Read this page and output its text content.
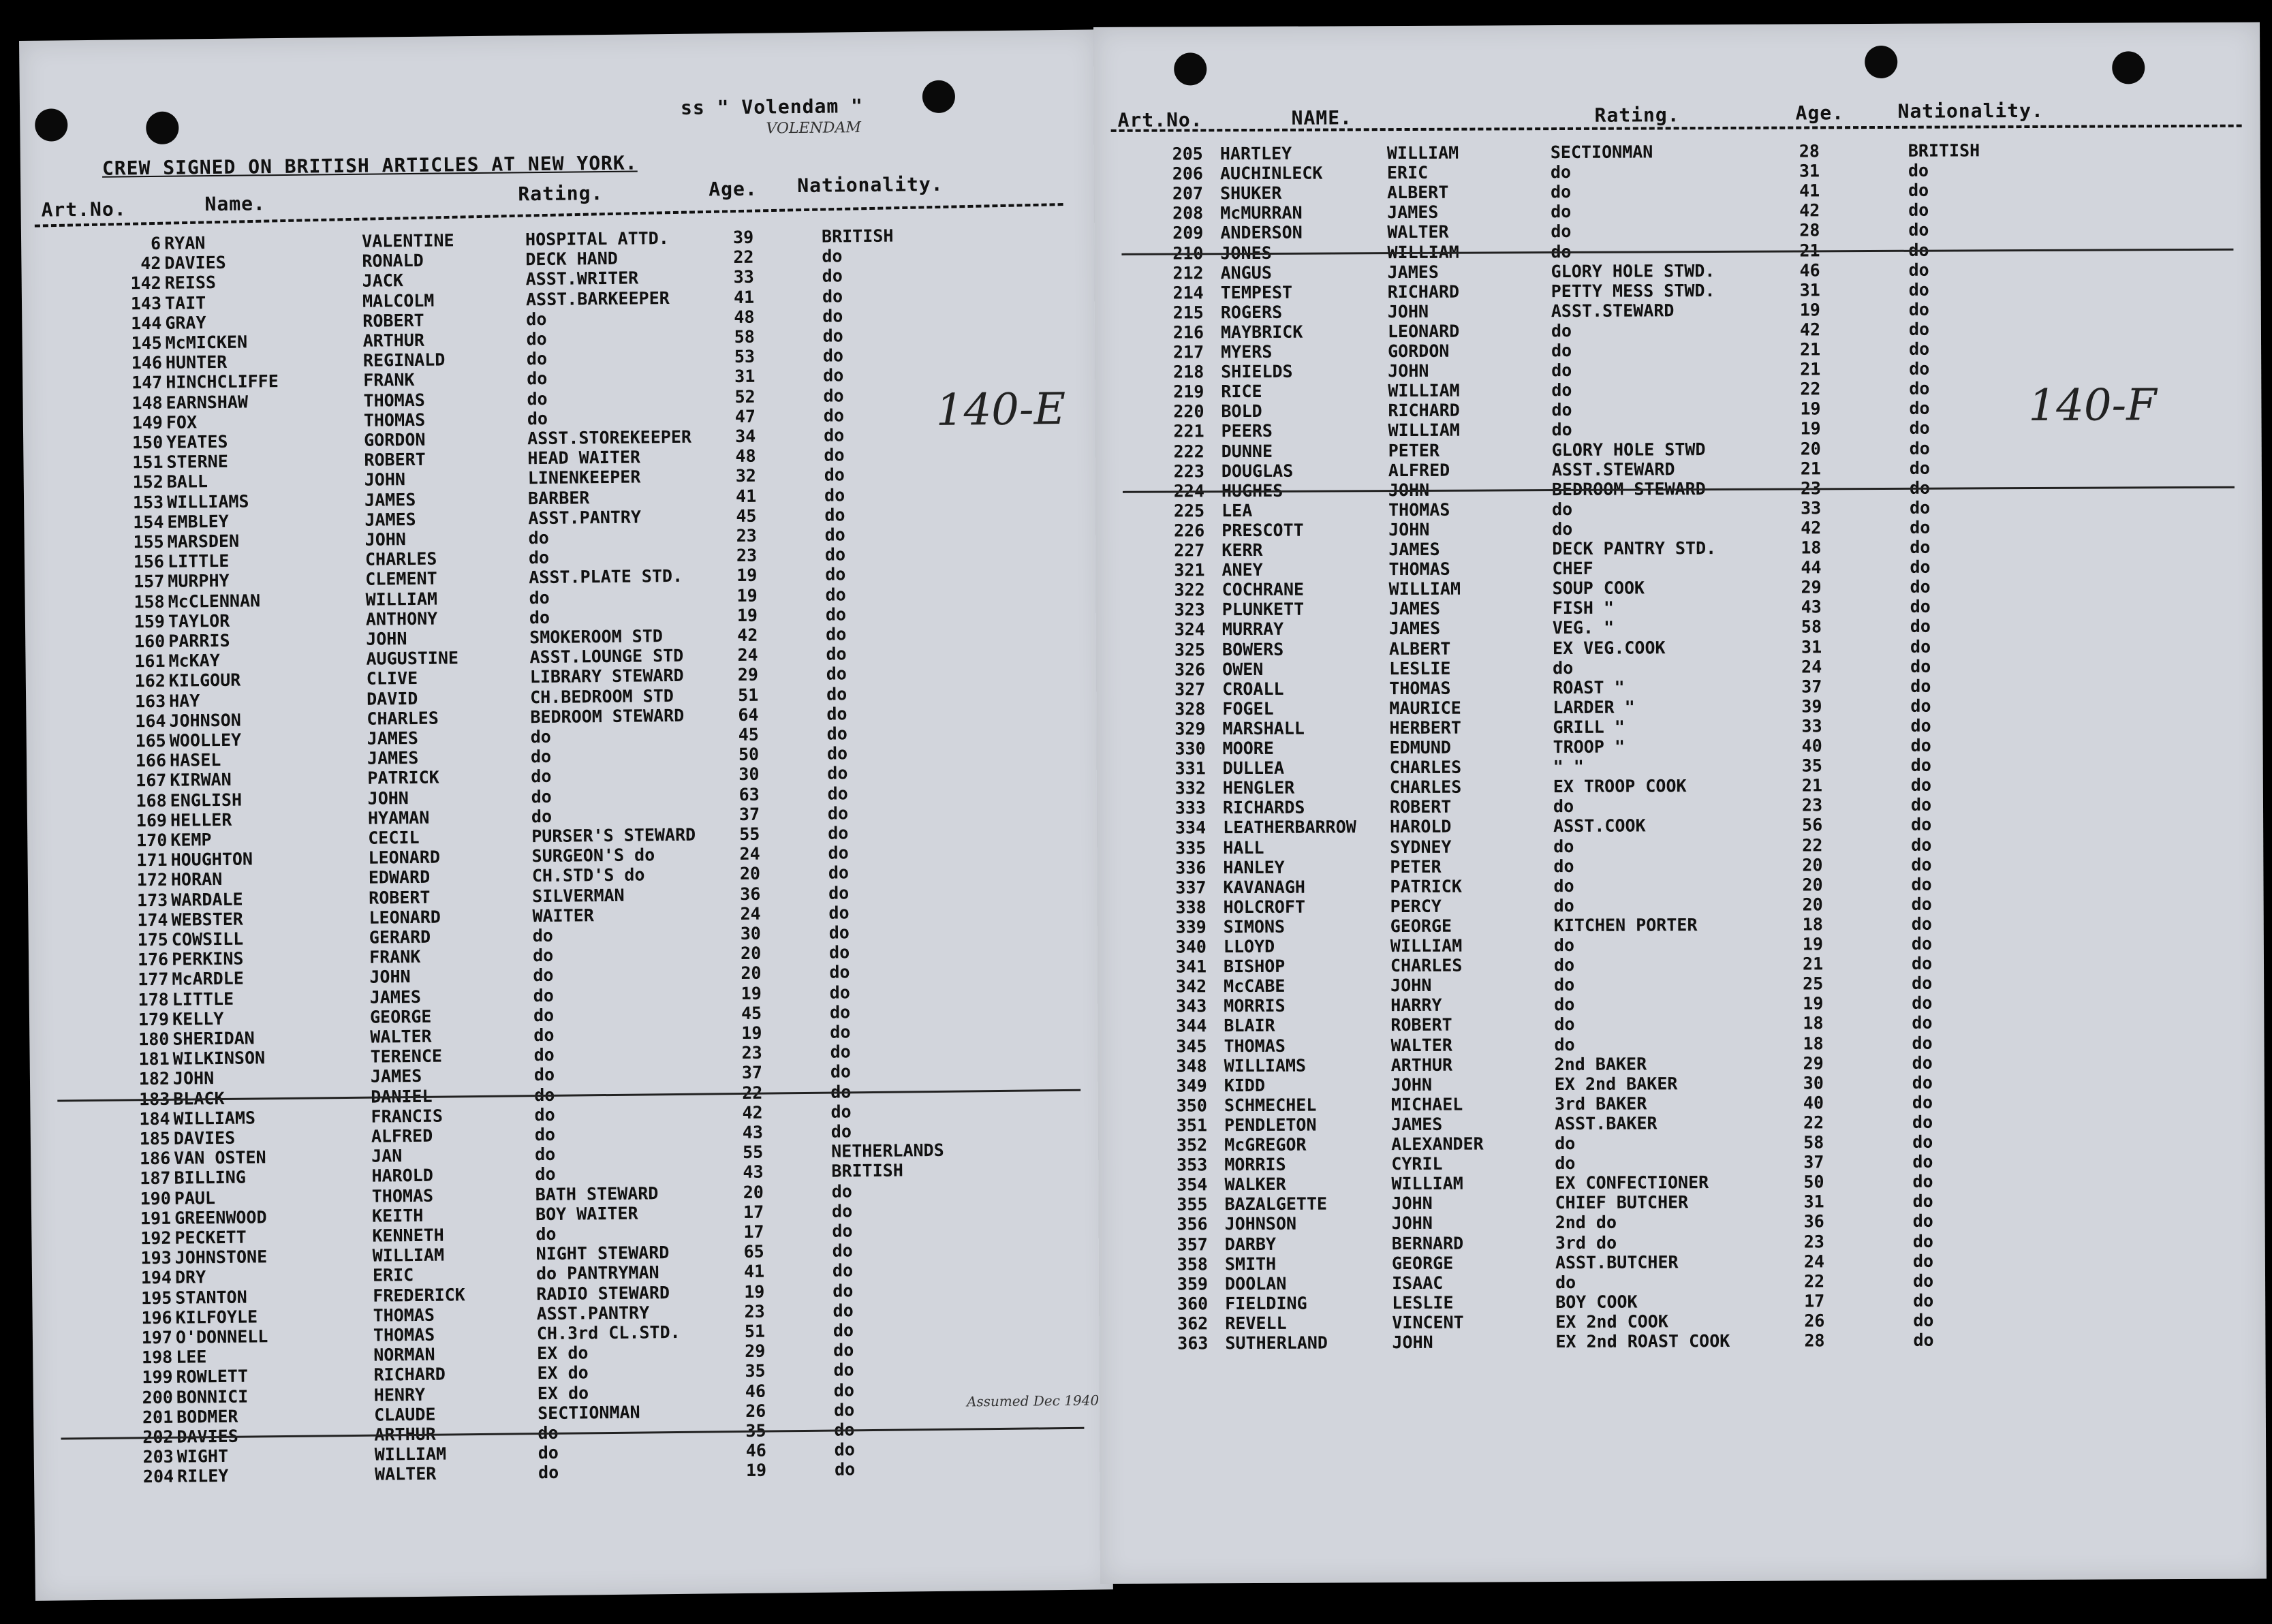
ss " Volendam "
VOLENDAM
CREW SIGNED ON BRITISH ARTICLES AT NEW YORK.
Art.No.	Name.	Rating.	Age. Nationality.
140-E
Assumed Dec 1940
6 RYAN	VALENTINE	HOSPITAL ATTD.	39	BRITISH
42 DAVIES	RONALD	DECK HAND	22	do
142 REISS	JACK	ASST.WRITER	33	do
143 TAIT	MALCOLM	ASST.BARKEEPER	41	do
144 GRAY	ROBERT	do	48	do
145 McMICKEN	ARTHUR	do	58	do
146 HUNTER	REGINALD	do	53	do
147 HINCHCLIFFE	FRANK	do	31	do
148 EARNSHAW	THOMAS	do	52	do
149 FOX	THOMAS	do	47	do
150 YEATES	GORDON	ASST.STOREKEEPER	34	do
151 STERNE	ROBERT	HEAD WAITER	48	do
152 BALL	JOHN	LINENKEEPER	32	do
153 WILLIAMS	JAMES	BARBER	41	do
154 EMBLEY	JAMES	ASST.PANTRY	45	do
155 MARSDEN	JOHN	do	23	do
156 LITTLE	CHARLES	do	23	do
157 MURPHY	CLEMENT	ASST.PLATE STD.	19	do
158 McCLENNAN	WILLIAM	do	19	do
159 TAYLOR	ANTHONY	do	19	do
160 PARRIS	JOHN	SMOKEROOM STD	42	do
161 McKAY	AUGUSTINE	ASST.LOUNGE STD	24	do
162 KILGOUR	CLIVE	LIBRARY STEWARD	29	do
163 HAY	DAVID	CH.BEDROOM STD	51	do
164 JOHNSON	CHARLES	BEDROOM STEWARD	64	do
165 WOOLLEY	JAMES	do	45	do
166 HASEL	JAMES	do	50	do
167 KIRWAN	PATRICK	do	30	do
168 ENGLISH	JOHN	do	63	do
169 HELLER	HYAMAN	do	37	do
170 KEMP	CECIL	PURSER'S STEWARD	55	do
171 HOUGHTON	LEONARD	SURGEON'S do	24	do
172 HORAN	EDWARD	CH.STD'S do	20	do
173 WARDALE	ROBERT	SILVERMAN	36	do
174 WEBSTER	LEONARD	WAITER	24	do
175 COWSILL	GERARD	do	30	do
176 PERKINS	FRANK	do	20	do
177 McARDLE	JOHN	do	20	do
178 LITTLE	JAMES	do	19	do
179 KELLY	GEORGE	do	45	do
180 SHERIDAN	WALTER	do	19	do
181 WILKINSON	TERENCE	do	23	do
182 JOHN	JAMES	do	37	do
183 BLACK	DANIEL	do	22	do
184 WILLIAMS	FRANCIS	do	42	do
185 DAVIES	ALFRED	do	43	do
186 VAN OSTEN	JAN	do	55	NETHERLANDS
187 BILLING	HAROLD	do	43	BRITISH
190 PAUL	THOMAS	BATH STEWARD	20	do
191 GREENWOOD	KEITH	BOY WAITER	17	do
192 PECKETT	KENNETH	do	17	do
193 JOHNSTONE	WILLIAM	NIGHT STEWARD	65	do
194 DRY	ERIC	do PANTRYMAN	41	do
195 STANTON	FREDERICK	RADIO STEWARD	19	do
196 KILFOYLE	THOMAS	ASST.PANTRY	23	do
197 O'DONNELL	THOMAS	CH.3rd CL.STD.	51	do
198 LEE	NORMAN	EX do	29	do
199 ROWLETT	RICHARD	EX do	35	do
200 BONNICI	HENRY	EX do	46	do
201 BODMER	CLAUDE	SECTIONMAN	26	do
202 DAVIES	ARTHUR	do	35	do
203 WIGHT	WILLIAM	do	46	do
204 RILEY	WALTER	do	19	do
Art.No.	NAME.	Rating.	Age.	Nationality.
140-F
205 HARTLEY	WILLIAM	SECTIONMAN	28	BRITISH
206 AUCHINLECK	ERIC	do	31	do
207 SHUKER	ALBERT	do	41	do
208 McMURRAN	JAMES	do	42	do
209 ANDERSON	WALTER	do	28	do
210 JONES	WILLIAM	do	21	do
212 ANGUS	JAMES	GLORY HOLE STWD.	46	do
214 TEMPEST	RICHARD	PETTY MESS STWD.	31	do
215 ROGERS	JOHN	ASST.STEWARD	19	do
216 MAYBRICK	LEONARD	do	42	do
217 MYERS	GORDON	do	21	do
218 SHIELDS	JOHN	do	21	do
219 RICE	WILLIAM	do	22	do
220 BOLD	RICHARD	do	19	do
221 PEERS	WILLIAM	do	19	do
222 DUNNE	PETER	GLORY HOLE STWD	20	do
223 DOUGLAS	ALFRED	ASST.STEWARD	21	do
224 HUGHES	JOHN	BEDROOM STEWARD	23	do
225 LEA	THOMAS	do	33	do
226 PRESCOTT	JOHN	do	42	do
227 KERR	JAMES	DECK PANTRY STD.	18	do
321 ANEY	THOMAS	CHEF	44	do
322 COCHRANE	WILLIAM	SOUP COOK	29	do
323 PLUNKETT	JAMES	FISH "	43	do
324 MURRAY	JAMES	VEG. "	58	do
325 BOWERS	ALBERT	EX VEG.COOK	31	do
326 OWEN	LESLIE	do	24	do
327 CROALL	THOMAS	ROAST "	37	do
328 FOGEL	MAURICE	LARDER "	39	do
329 MARSHALL	HERBERT	GRILL "	33	do
330 MOORE	EDMUND	TROOP "	40	do
331 DULLEA	CHARLES	" "	35	do
332 HENGLER	CHARLES	EX TROOP COOK	21	do
333 RICHARDS	ROBERT	do	23	do
334 LEATHERBARROW HAROLD	ASST.COOK	56	do
335 HALL	SYDNEY	do	22	do
336 HANLEY	PETER	do	20	do
337 KAVANAGH	PATRICK	do	20	do
338 HOLCROFT	PERCY	do	20	do
339 SIMONS	GEORGE	KITCHEN PORTER	18	do
340 LLOYD	WILLIAM	do	19	do
341 BISHOP	CHARLES	do	21	do
342 McCABE	JOHN	do	25	do
343 MORRIS	HARRY	do	19	do
344 BLAIR	ROBERT	do	18	do
345 THOMAS	WALTER	do	18	do
348 WILLIAMS	ARTHUR	2nd BAKER	29	do
349 KIDD	JOHN	EX 2nd BAKER	30	do
350 SCHMECHEL	MICHAEL	3rd BAKER	40	do
351 PENDLETON	JAMES	ASST.BAKER	22	do
352 McGREGOR	ALEXANDER	do	58	do
353 MORRIS	CYRIL	do	37	do
354 WALKER	WILLIAM	EX CONFECTIONER	50	do
355 BAZALGETTE	JOHN	CHIEF BUTCHER	31	do
356 JOHNSON	JOHN	2nd do	36	do
357 DARBY	BERNARD	3rd do	23	do
358 SMITH	GEORGE	ASST.BUTCHER	24	do
359 DOOLAN	ISAAC	do	22	do
360 FIELDING	LESLIE	BOY COOK	17	do
362 REVELL	VINCENT	EX 2nd COOK	26	do
363 SUTHERLAND	JOHN	EX 2nd ROAST COOK	28	do
